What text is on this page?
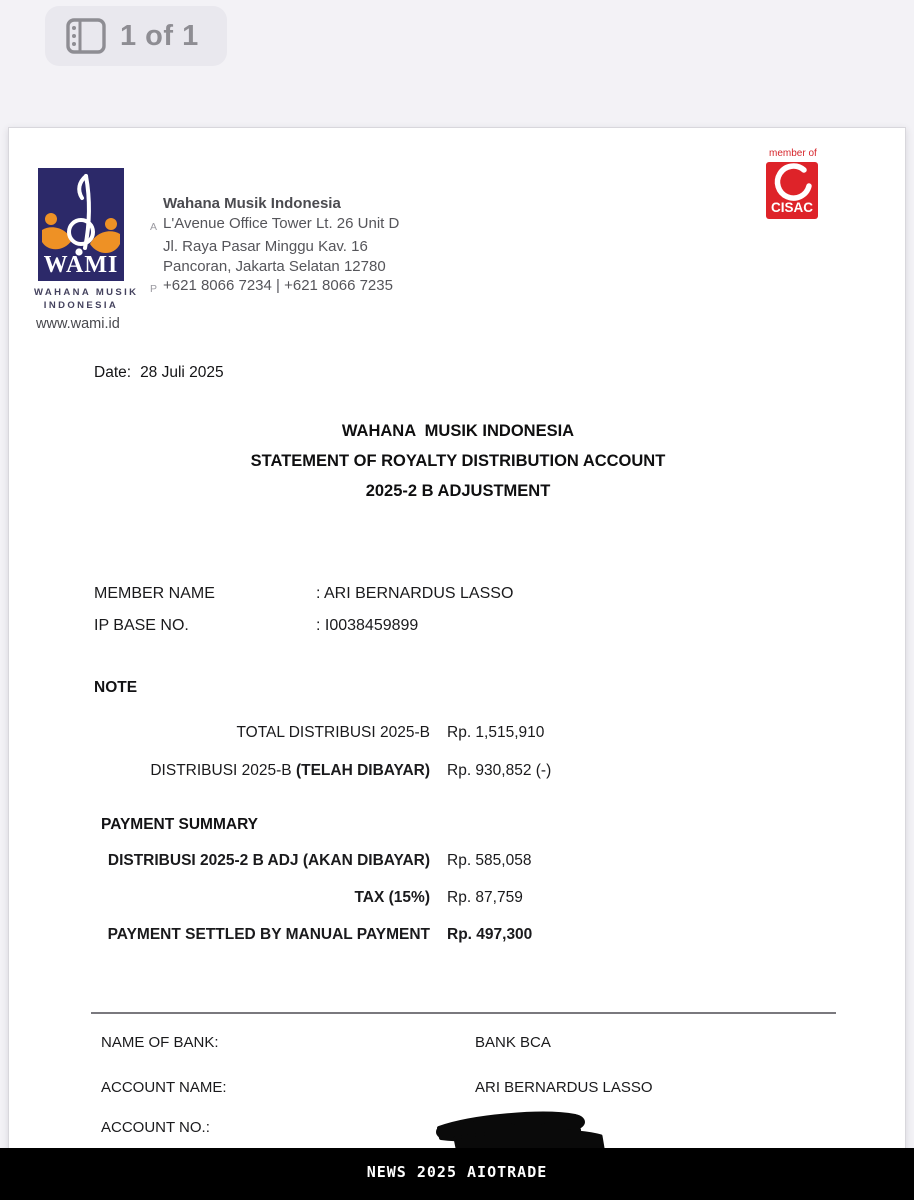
1 of 1
WAMI
WAHANA MUSIK
INDONESIA
Wahana Musik Indonesia
A L'Avenue Office Tower Lt. 26 Unit D
Jl. Raya Pasar Minggu Kav. 16
Pancoran, Jakarta Selatan 12780
P +621 8066 7234 | +621 8066 7235
member of
CISAC
www.wami.id
Date: 28 Juli 2025
WAHANA  MUSIK INDONESIA
STATEMENT OF ROYALTY DISTRIBUTION ACCOUNT
2025-2 B ADJUSTMENT
MEMBER NAME	: ARI BERNARDUS LASSO
IP BASE NO.	: I0038459899
NOTE
TOTAL DISTRIBUSI 2025-B Rp. 1,515,910
DISTRIBUSI 2025-B (TELAH DIBAYAR) Rp. 930,852 (-)
PAYMENT SUMMARY
DISTRIBUSI 2025-2 B ADJ (AKAN DIBAYAR) Rp. 585,058
TAX (15%) Rp. 87,759
PAYMENT SETTLED BY MANUAL PAYMENT Rp. 497,300
NAME OF BANK:	BANK BCA
ACCOUNT NAME:	ARI BERNARDUS LASSO
ACCOUNT NO.:
NEWS 2025 AIOTRADE
